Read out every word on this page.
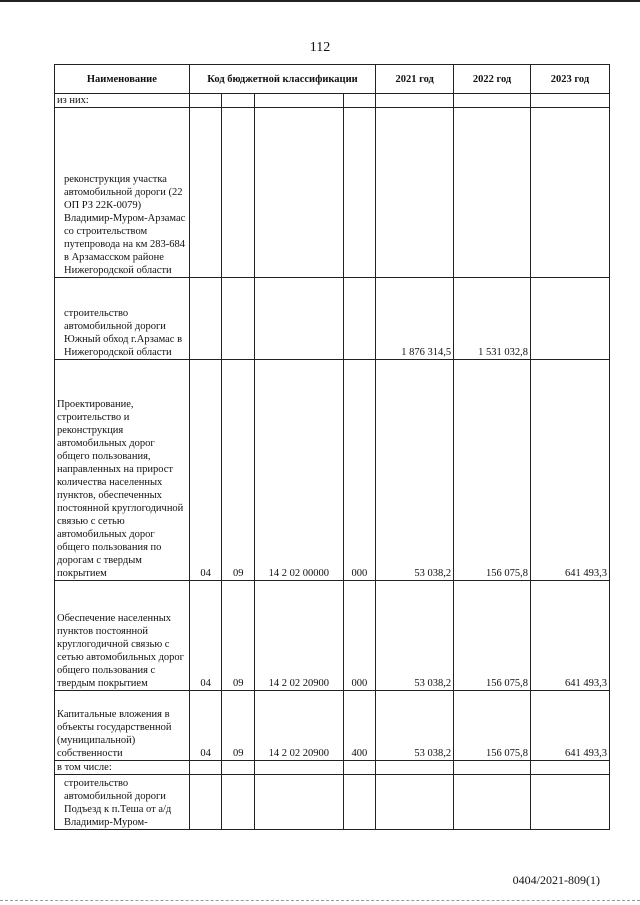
112
Наименование	Код бюджетной классификации				2021 год	2022 год	2023 год
из них:							
реконструкция участка автомобильной дороги (22 ОП РЗ 22К-0079) Владимир-Муром-Арзамас со строительством путепровода на км 283-684 в Арзамасском районе Нижегородской области							
строительство автомобильной дороги Южный обход г.Арзамас в Нижегородской области					1 876 314,5	1 531 032,8	
Проектирование, строительство и реконструкция автомобильных дорог общего пользования, направленных на прирост количества населенных пунктов, обеспеченных постоянной круглогодичной связью с сетью автомобильных дорог общего пользования по дорогам с твердым покрытием	04	09	14 2 02 00000	000	53 038,2	156 075,8	641 493,3
Обеспечение населенных пунктов постоянной круглогодичной связью с сетью автомобильных дорог общего пользования с твердым покрытием	04	09	14 2 02 20900	000	53 038,2	156 075,8	641 493,3
Капитальные вложения в объекты государственной (муниципальной) собственности	04	09	14 2 02 20900	400	53 038,2	156 075,8	641 493,3
в том числе:							
строительство автомобильной дороги Подъезд к п.Теша от а/д Владимир-Муром-							
0404/2021-809(1)
